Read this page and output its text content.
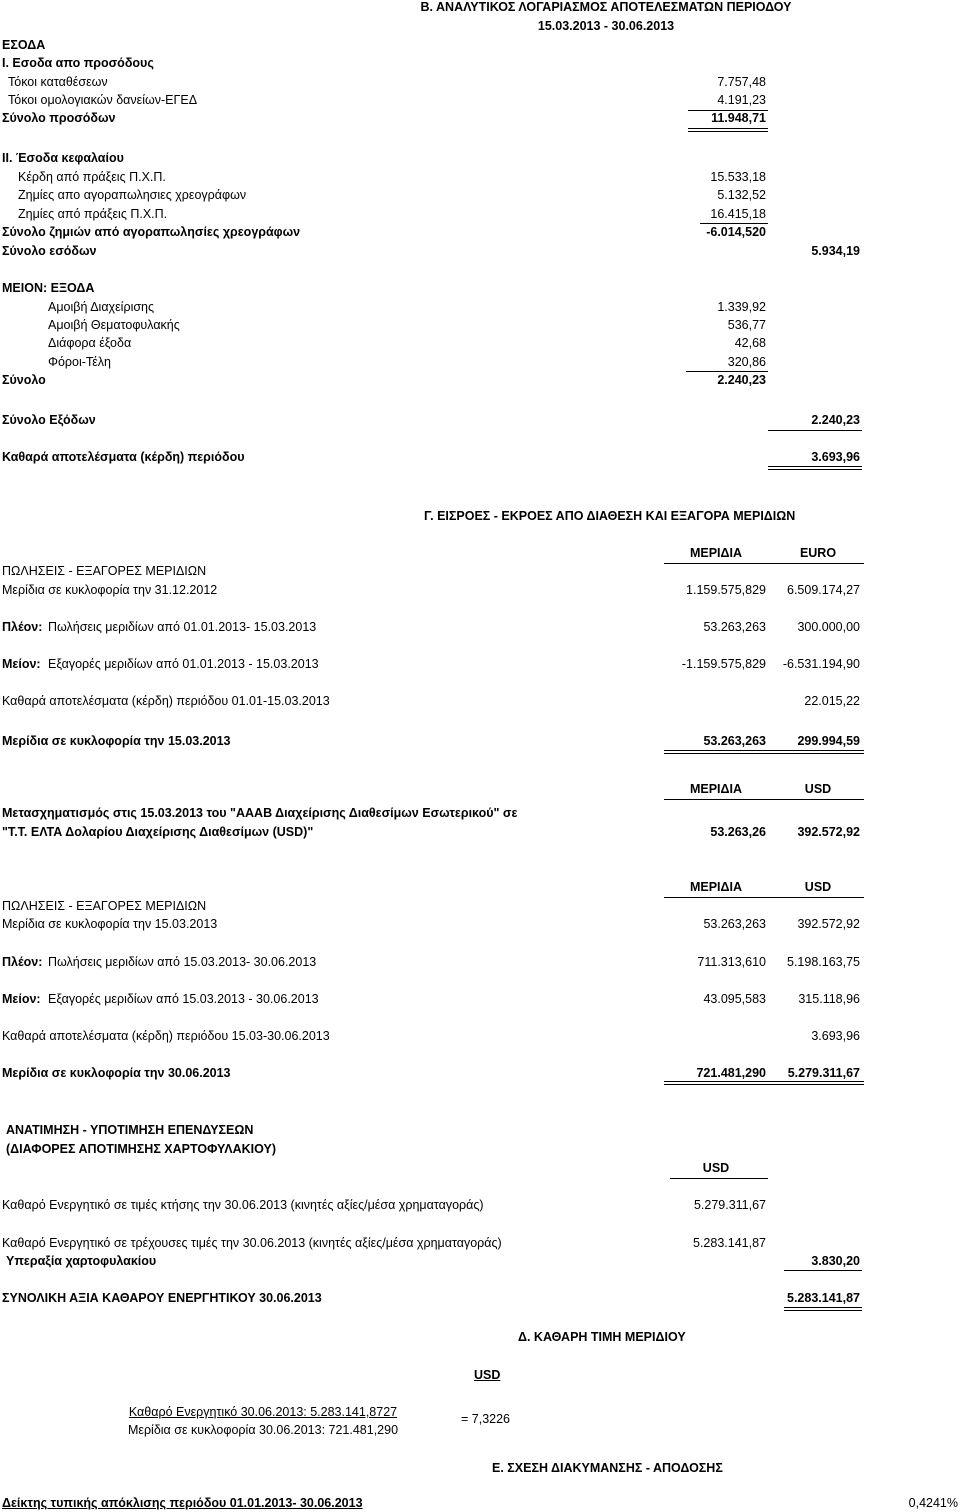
Β. ΑΝΑΛΥΤΙΚΟΣ ΛΟΓΑΡΙΑΣΜΟΣ ΑΠΟΤΕΛΕΣΜΑΤΩΝ ΠΕΡΙΟΔΟΥ
15.03.2013 - 30.06.2013
ΕΣΟΔΑ
I. Εσοδα απο προσόδους
Τόκοι καταθέσεων	7.757,48
Τόκοι ομολογιακών δανείων-ΕΓΕΔ	4.191,23
Σύνολο προσόδων	11.948,71
II. Έσοδα κεφαλαίου
Κέρδη από πράξεις Π.Χ.Π.	15.533,18
Ζημίες απο αγοραπωλησιες χρεογράφων	5.132,52
Ζημίες από πράξεις Π.Χ.Π.	16.415,18
Σύνολο ζημιών από αγοραπωλησίες χρεογράφων	-6.014,520
Σύνολο εσόδων	5.934,19
ΜΕΙΟΝ: ΕΞΟΔΑ
Αμοιβή Διαχείρισης	1.339,92
Αμοιβή Θεματοφυλακής	536,77
Διάφορα έξοδα	42,68
Φόροι-Τέλη	320,86
Σύνολο	2.240,23
Σύνολο Εξόδων	2.240,23
Καθαρά αποτελέσματα (κέρδη) περιόδου	3.693,96
Γ. ΕΙΣΡΟΕΣ - ΕΚΡΟΕΣ ΑΠΟ ΔΙΑΘΕΣΗ ΚΑΙ ΕΞΑΓΟΡΑ ΜΕΡΙΔΙΩΝ
ΜΕΡΙΔΙΑ	EURO
ΠΩΛΗΣΕΙΣ - ΕΞΑΓΟΡΕΣ ΜΕΡΙΔΙΩΝ
Μερίδια σε κυκλοφορία την 31.12.2012	1.159.575,829	6.509.174,27
Πλέον: Πωλήσεις μεριδίων από 01.01.2013- 15.03.2013	53.263,263	300.000,00
Μείον: Εξαγορές μεριδίων από 01.01.2013 - 15.03.2013	-1.159.575,829	-6.531.194,90
Καθαρά αποτελέσματα (κέρδη) περιόδου 01.01-15.03.2013	22.015,22
Μερίδια σε κυκλοφορία την 15.03.2013	53.263,263	299.994,59
ΜΕΡΙΔΙΑ	USD
Μετασχηματισμός στις 15.03.2013 του "ΑΑΑΒ Διαχείρισης Διαθεσίμων Εσωτερικού" σε
"Τ.Τ. ΕΛΤΑ Δολαρίου Διαχείρισης Διαθεσίμων (USD)"	53.263,26	392.572,92
ΜΕΡΙΔΙΑ	USD
ΠΩΛΗΣΕΙΣ - ΕΞΑΓΟΡΕΣ ΜΕΡΙΔΙΩΝ
Μερίδια σε κυκλοφορία την 15.03.2013	53.263,263	392.572,92
Πλέον: Πωλήσεις μεριδίων από 15.03.2013- 30.06.2013	711.313,610	5.198.163,75
Μείον: Εξαγορές μεριδίων από 15.03.2013 - 30.06.2013	43.095,583	315.118,96
Καθαρά αποτελέσματα (κέρδη) περιόδου 15.03-30.06.2013	3.693,96
Μερίδια σε κυκλοφορία την 30.06.2013	721.481,290	5.279.311,67
ΑΝΑΤΙΜΗΣΗ - ΥΠΟΤΙΜΗΣΗ ΕΠΕΝΔΥΣΕΩΝ
(ΔΙΑΦΟΡΕΣ ΑΠΟΤΙΜΗΣΗΣ ΧΑΡΤΟΦΥΛΑΚΙΟΥ)
USD
Καθαρό Ενεργητικό σε τιμές κτήσης την 30.06.2013 (κινητές αξίες/μέσα χρηματαγοράς)	5.279.311,67
Καθαρό Ενεργητικό σε τρέχουσες τιμές την 30.06.2013 (κινητές αξίες/μέσα χρηματαγοράς)	5.283.141,87
Υπεραξία χαρτοφυλακίου	3.830,20
ΣΥΝΟΛΙΚΗ ΑΞΙΑ ΚΑΘΑΡΟΥ ΕΝΕΡΓΗΤΙΚΟΥ 30.06.2013	5.283.141,87
Δ. ΚΑΘΑΡΗ ΤΙΜΗ ΜΕΡΙΔΙΟΥ
USD
Καθαρό Ενεργητικό 30.06.2013: 5.283.141,8727
Μερίδια σε κυκλοφορία 30.06.2013: 721.481,290
= 7,3226
Ε. ΣΧΕΣΗ ΔΙΑΚΥΜΑΝΣΗΣ - ΑΠΟΔΟΣΗΣ
Δείκτης τυπικής απόκλισης περιόδου 01.01.2013- 30.06.2013	0,4241%
